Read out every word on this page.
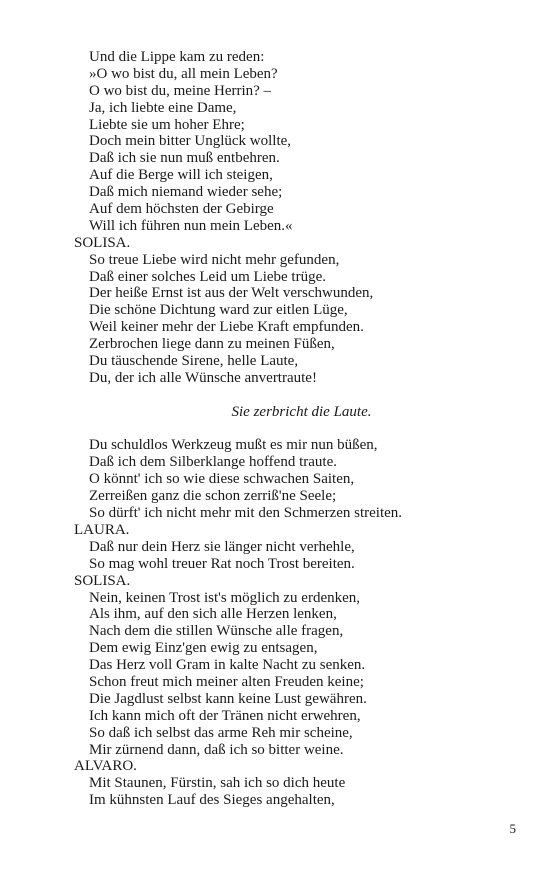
Und die Lippe kam zu reden:
»O wo bist du, all mein Leben?
O wo bist du, meine Herrin? –
Ja, ich liebte eine Dame,
Liebte sie um hoher Ehre;
Doch mein bitter Unglück wollte,
Daß ich sie nun muß entbehren.
Auf die Berge will ich steigen,
Daß mich niemand wieder sehe;
Auf dem höchsten der Gebirge
Will ich führen nun mein Leben.«
SOLISA.
So treue Liebe wird nicht mehr gefunden,
Daß einer solches Leid um Liebe trüge.
Der heiße Ernst ist aus der Welt verschwunden,
Die schöne Dichtung ward zur eitlen Lüge,
Weil keiner mehr der Liebe Kraft empfunden.
Zerbrochen liege dann zu meinen Füßen,
Du täuschende Sirene, helle Laute,
Du, der ich alle Wünsche anvertraute!
Sie zerbricht die Laute.
Du schuldlos Werkzeug mußt es mir nun büßen,
Daß ich dem Silberklange hoffend traute.
O könnt' ich so wie diese schwachen Saiten,
Zerreißen ganz die schon zerriß'ne Seele;
So dürft' ich nicht mehr mit den Schmerzen streiten.
LAURA.
Daß nur dein Herz sie länger nicht verhehle,
So mag wohl treuer Rat noch Trost bereiten.
SOLISA.
Nein, keinen Trost ist's möglich zu erdenken,
Als ihm, auf den sich alle Herzen lenken,
Nach dem die stillen Wünsche alle fragen,
Dem ewig Einz'gen ewig zu entsagen,
Das Herz voll Gram in kalte Nacht zu senken.
Schon freut mich meiner alten Freuden keine;
Die Jagdlust selbst kann keine Lust gewähren.
Ich kann mich oft der Tränen nicht erwehren,
So daß ich selbst das arme Reh mir scheine,
Mir zürnend dann, daß ich so bitter weine.
ALVARO.
Mit Staunen, Fürstin, sah ich so dich heute
Im kühnsten Lauf des Sieges angehalten,
5
